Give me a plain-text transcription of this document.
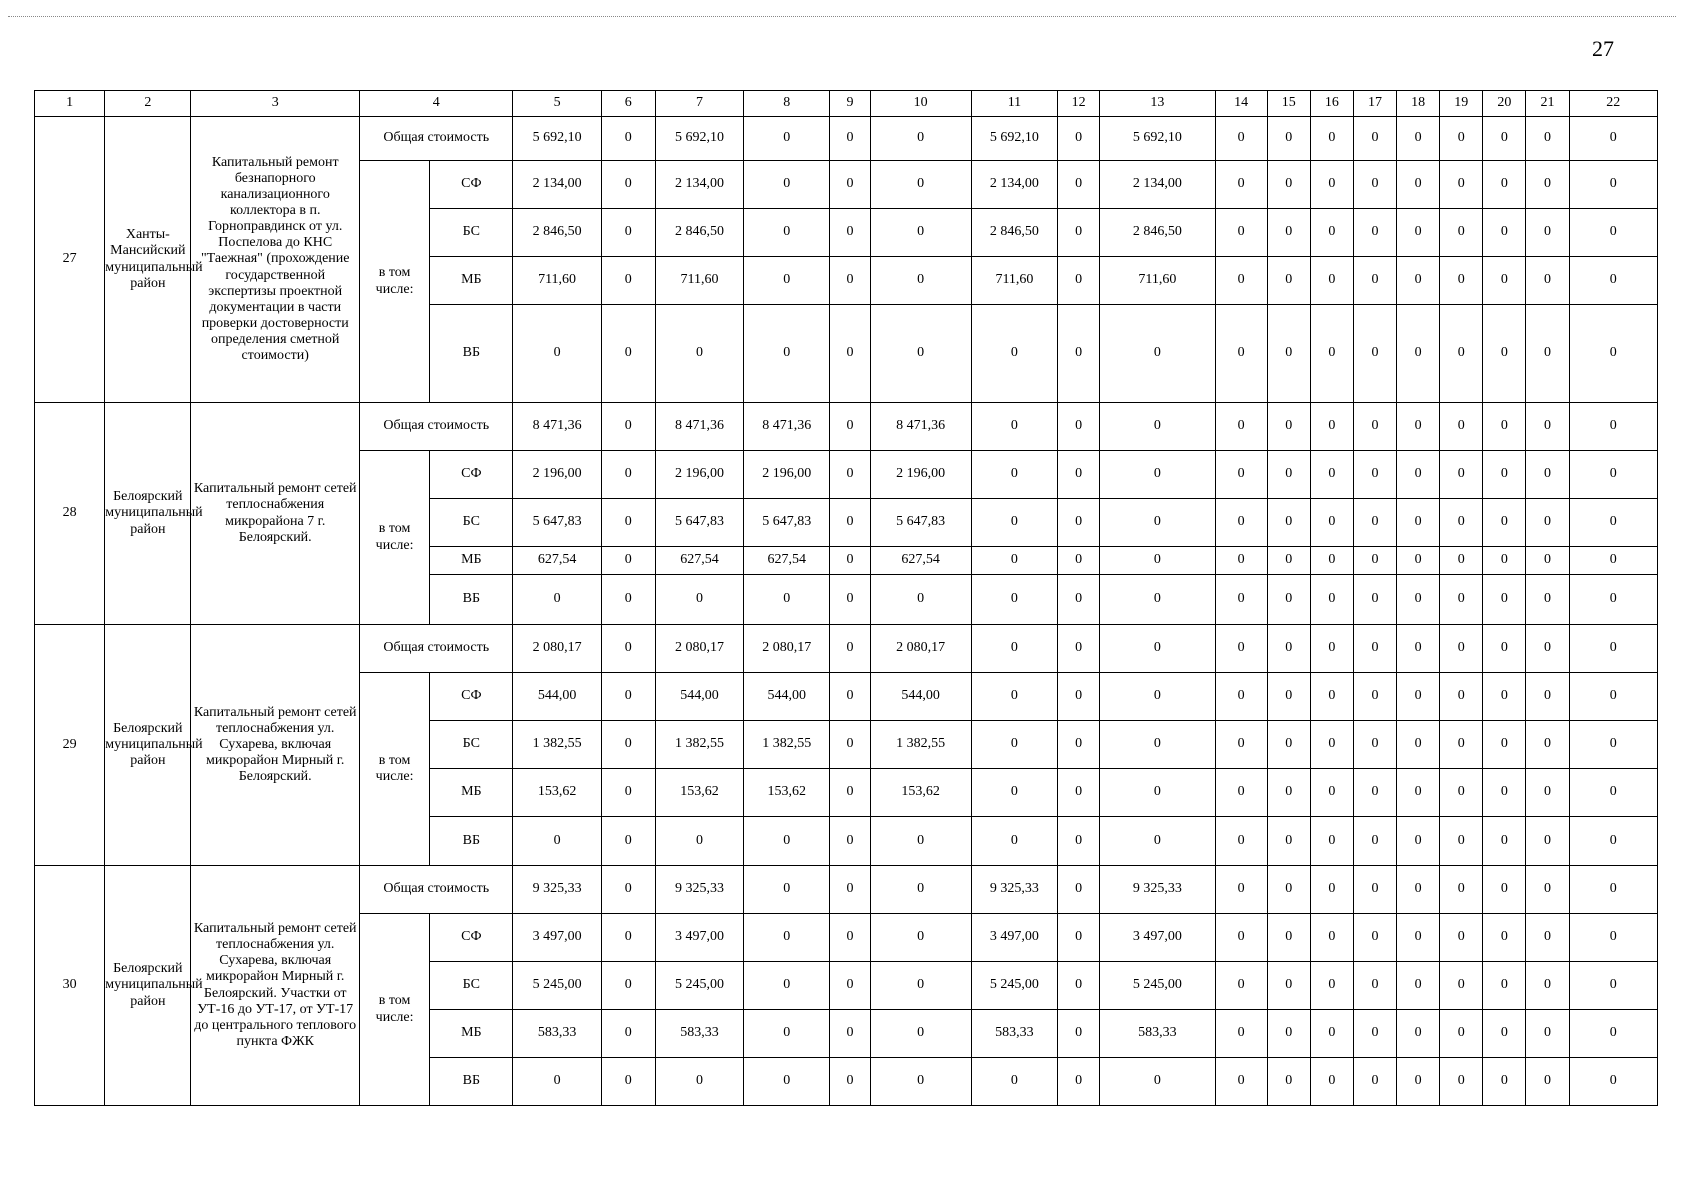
27
1	2	3	4		5	6	7	8	9	10	11	12	13	14	15	16	17	18	19	20	21	22
27	Ханты-Мансийский муниципальный район	Капитальный ремонт безнапорного канализационного коллектора в п. Горноправдинск от ул. Поспелова до КНС "Таежная" (прохождение государственной экспертизы проектной документации в части проверки достоверности определения сметной стоимости)	Общая стоимость		5 692,10	0	5 692,10	0	0	0	5 692,10	0	5 692,10	0	0	0	0	0	0	0	0	0
			в том числе:	СФ	2 134,00	0	2 134,00	0	0	0	2 134,00	0	2 134,00	0	0	0	0	0	0	0	0	0
				БС	2 846,50	0	2 846,50	0	0	0	2 846,50	0	2 846,50	0	0	0	0	0	0	0	0	0
				МБ	711,60	0	711,60	0	0	0	711,60	0	711,60	0	0	0	0	0	0	0	0	0
				ВБ	0	0	0	0	0	0	0	0	0	0	0	0	0	0	0	0	0	0
28	Белоярский муниципальный район	Капитальный ремонт сетей теплоснабжения микрорайона 7 г. Белоярский.	Общая стоимость		8 471,36	0	8 471,36	8 471,36	0	8 471,36	0	0	0	0	0	0	0	0	0	0	0	0
			в том числе:	СФ	2 196,00	0	2 196,00	2 196,00	0	2 196,00	0	0	0	0	0	0	0	0	0	0	0	0
				БС	5 647,83	0	5 647,83	5 647,83	0	5 647,83	0	0	0	0	0	0	0	0	0	0	0	0
				МБ	627,54	0	627,54	627,54	0	627,54	0	0	0	0	0	0	0	0	0	0	0	0
				ВБ	0	0	0	0	0	0	0	0	0	0	0	0	0	0	0	0	0	0
29	Белоярский муниципальный район	Капитальный ремонт сетей теплоснабжения ул. Сухарева, включая микрорайон Мирный г. Белоярский.	Общая стоимость		2 080,17	0	2 080,17	2 080,17	0	2 080,17	0	0	0	0	0	0	0	0	0	0	0	0
			в том числе:	СФ	544,00	0	544,00	544,00	0	544,00	0	0	0	0	0	0	0	0	0	0	0	0
				БС	1 382,55	0	1 382,55	1 382,55	0	1 382,55	0	0	0	0	0	0	0	0	0	0	0	0
				МБ	153,62	0	153,62	153,62	0	153,62	0	0	0	0	0	0	0	0	0	0	0	0
				ВБ	0	0	0	0	0	0	0	0	0	0	0	0	0	0	0	0	0	0
30	Белоярский муниципальный район	Капитальный ремонт сетей теплоснабжения ул. Сухарева, включая микрорайон Мирный г. Белоярский. Участки от УТ-16 до УТ-17, от УТ-17 до центрального теплового пункта ФЖК	Общая стоимость		9 325,33	0	9 325,33	0	0	0	9 325,33	0	9 325,33	0	0	0	0	0	0	0	0	0
			в том числе:	СФ	3 497,00	0	3 497,00	0	0	0	3 497,00	0	3 497,00	0	0	0	0	0	0	0	0	0
				БС	5 245,00	0	5 245,00	0	0	0	5 245,00	0	5 245,00	0	0	0	0	0	0	0	0	0
				МБ	583,33	0	583,33	0	0	0	583,33	0	583,33	0	0	0	0	0	0	0	0	0
				ВБ	0	0	0	0	0	0	0	0	0	0	0	0	0	0	0	0	0	0
